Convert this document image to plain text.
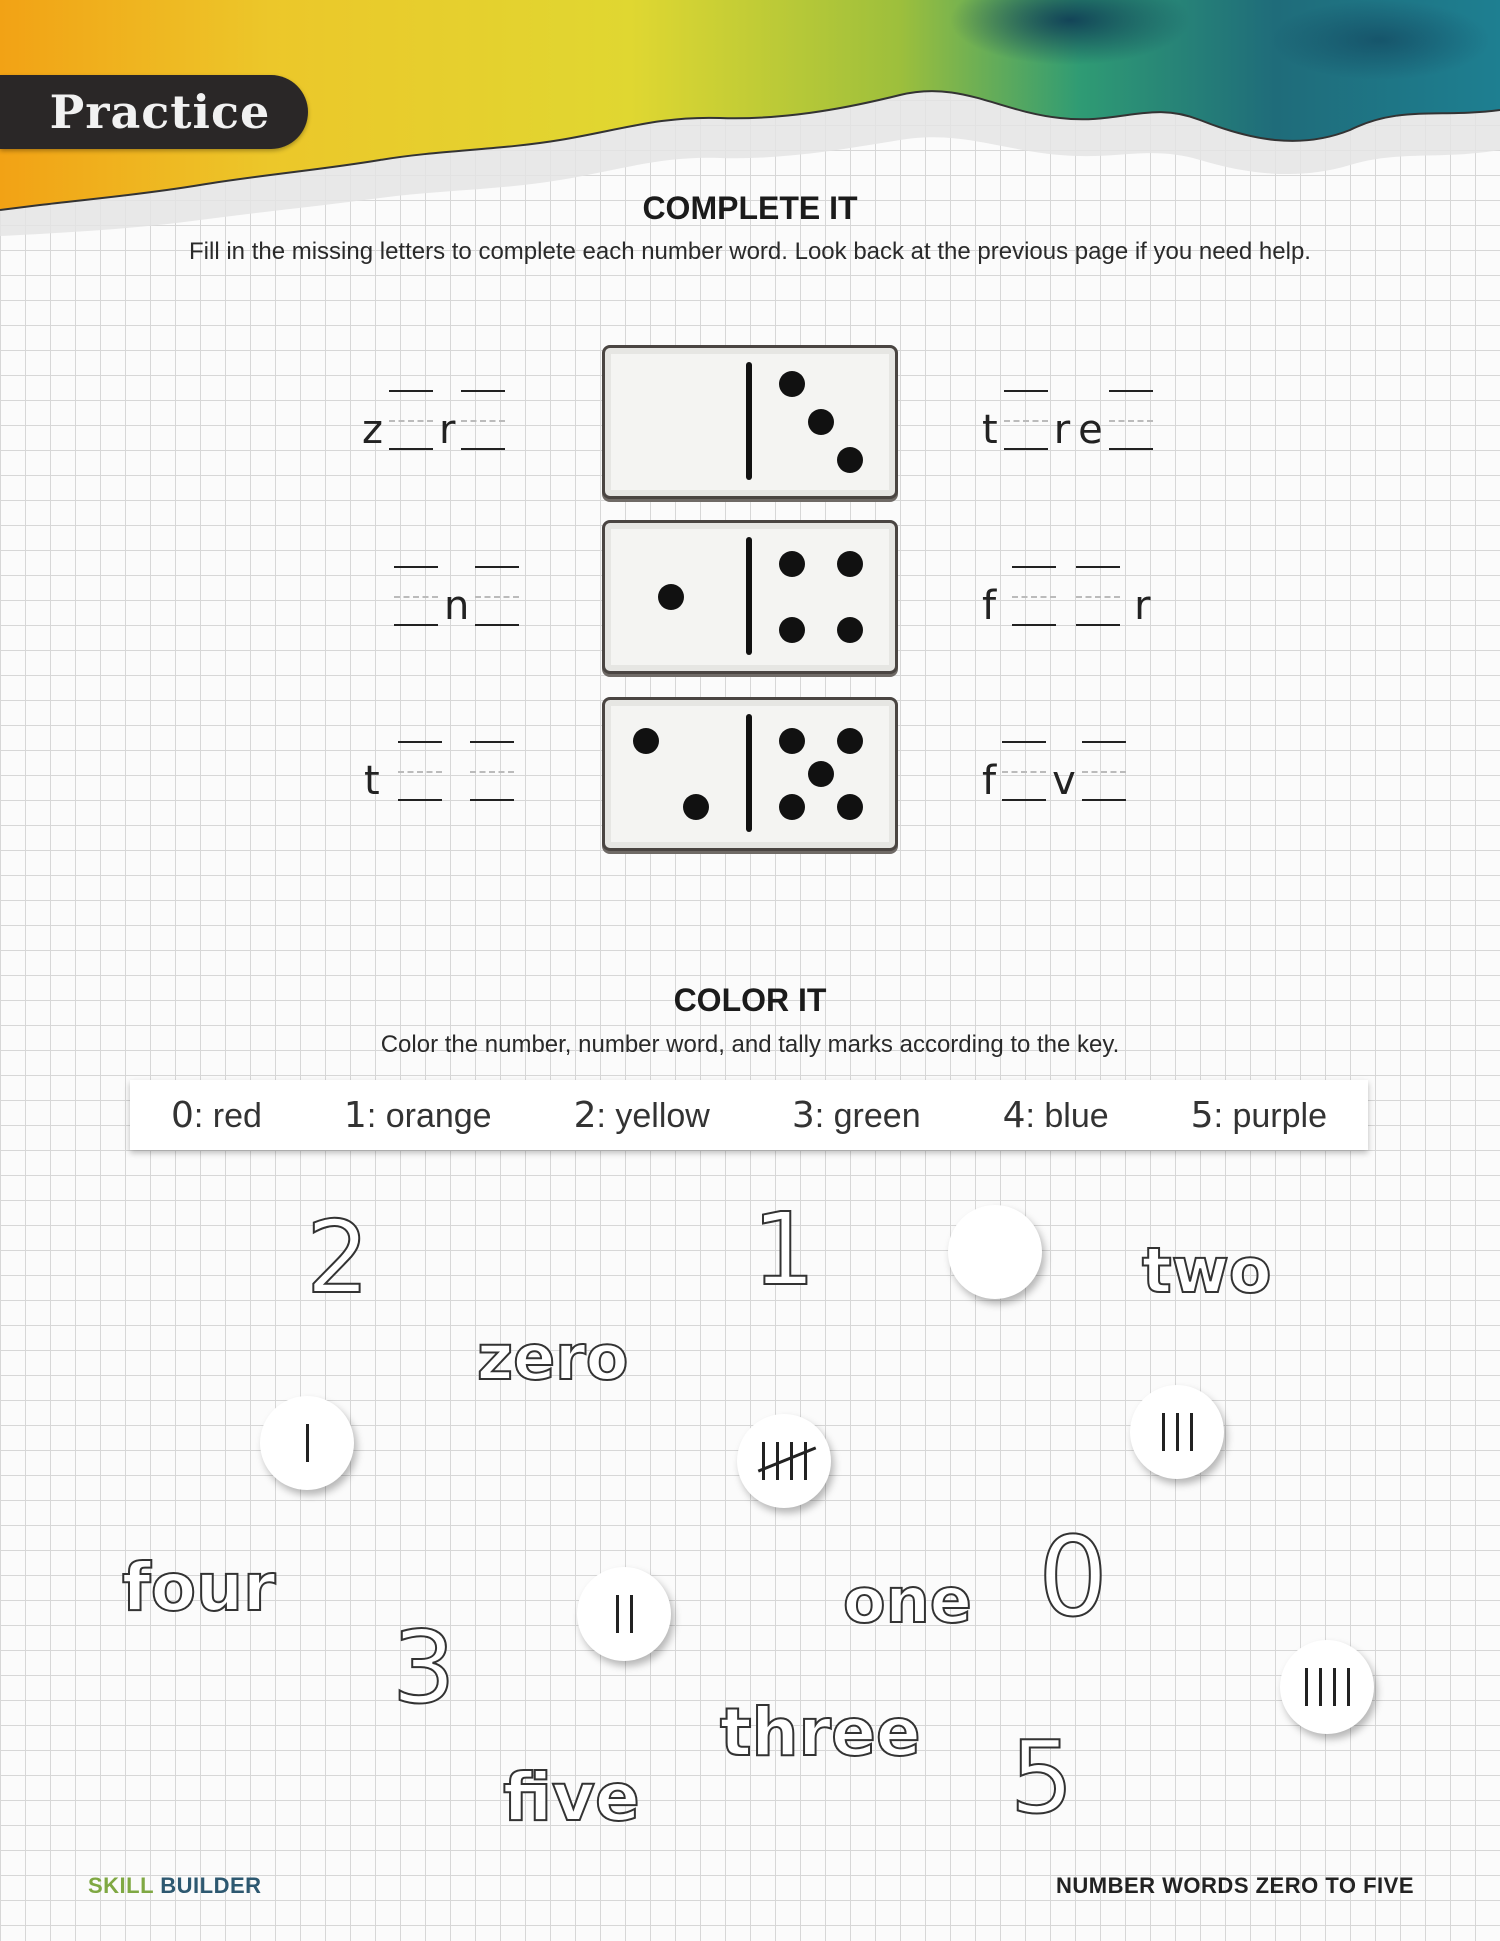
Practice
COMPLETE IT
Fill in the missing letters to complete each number word. Look back at the previous page if you need help.
z r
n
t
t r e
f	r
f v
COLOR IT
Color the number, number word, and tally marks according to the key.
0: red 1: orange 2: yellow 3: green 4: blue 5: purple
2	1	two
zero
four
3
one 0
three
five	5
SKILL BUILDER	NUMBER WORDS ZERO TO FIVE
